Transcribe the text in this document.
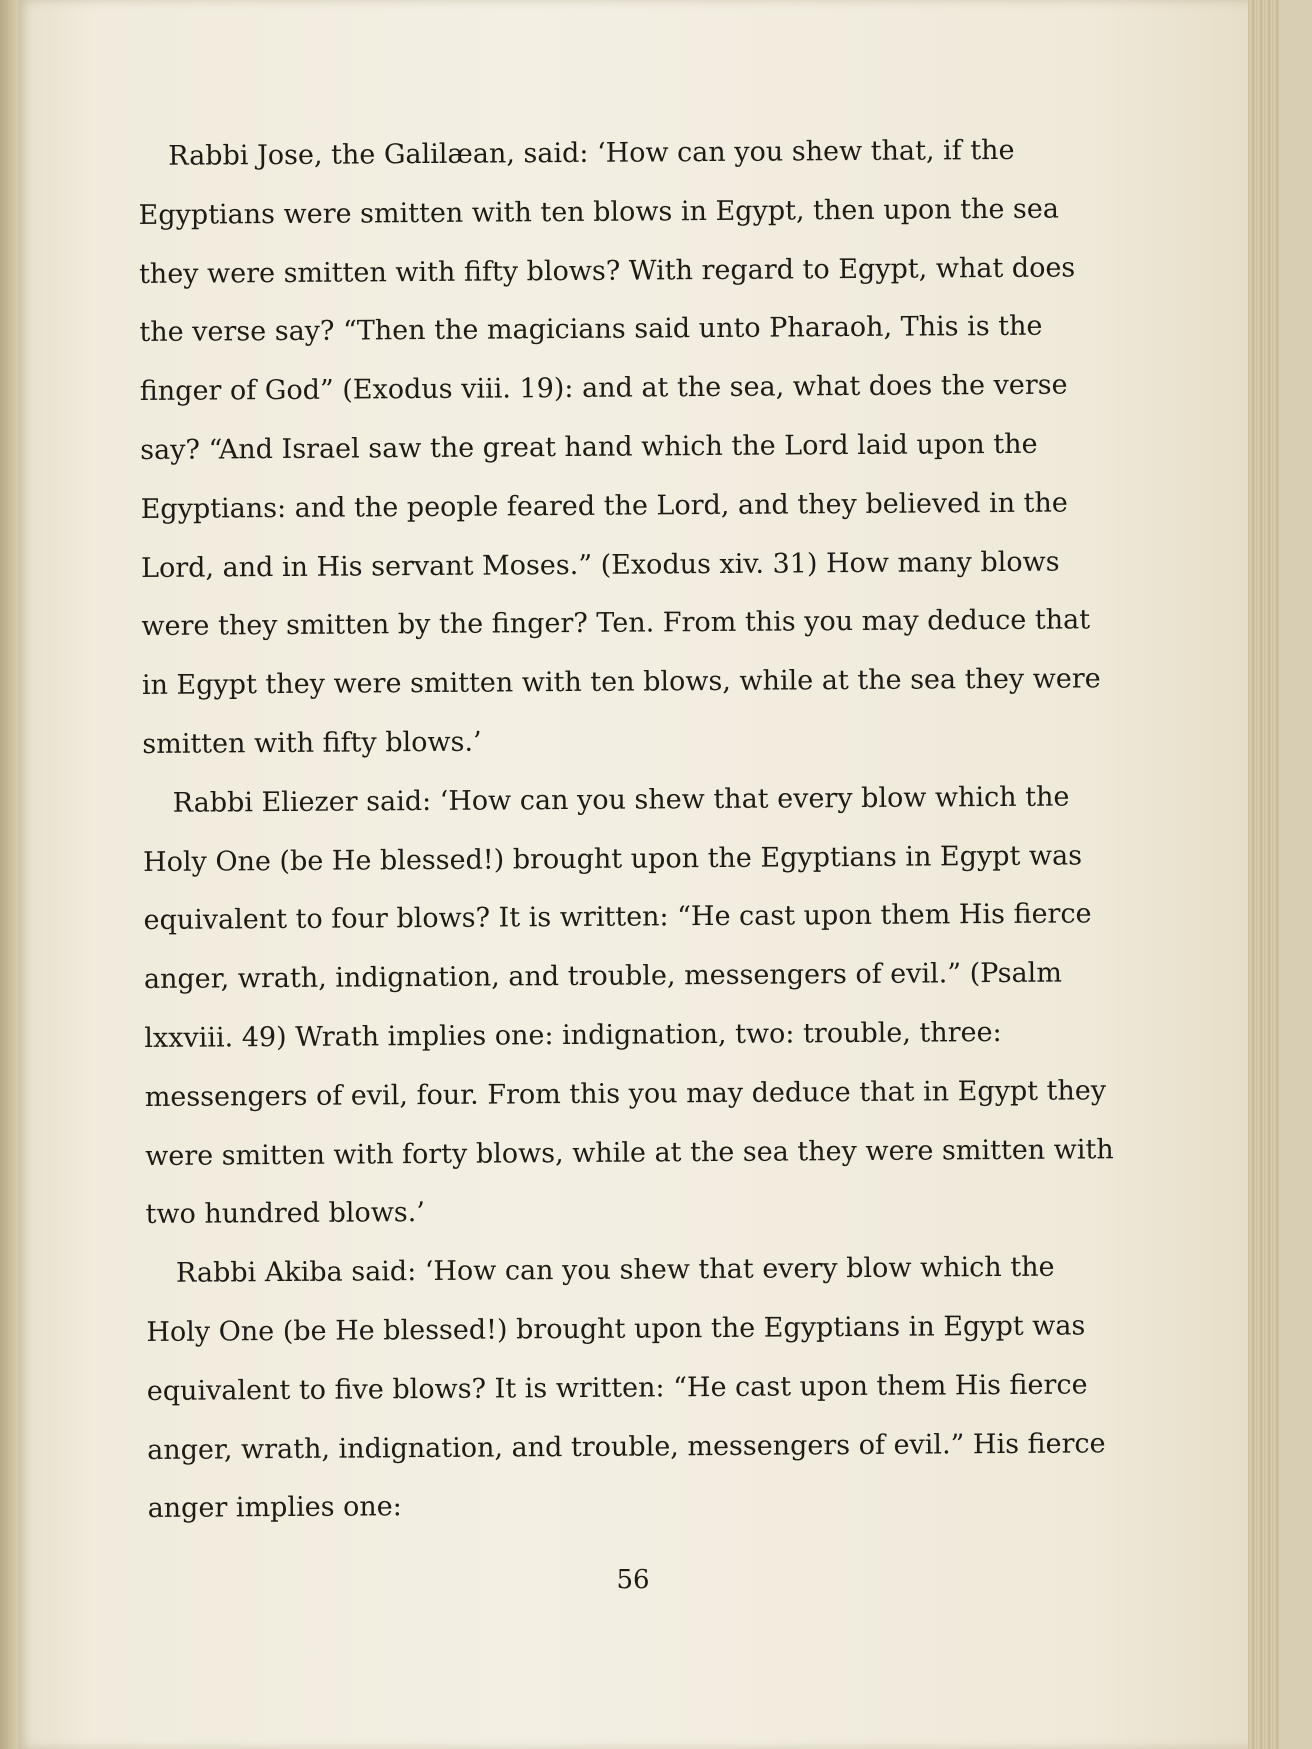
Rabbi Jose, the Galilæan, said: ‘How can you shew that, if the Egyptians were smitten with ten blows in Egypt, then upon the sea they were smitten with fifty blows? With regard to Egypt, what does the verse say? “Then the magicians said unto Pharaoh, This is the finger of God” (Exodus viii. 19): and at the sea, what does the verse say? “And Israel saw the great hand which the Lord laid upon the Egyptians: and the people feared the Lord, and they believed in the Lord, and in His servant Moses.” (Exodus xiv. 31) How many blows were they smitten by the finger? Ten. From this you may deduce that in Egypt they were smitten with ten blows, while at the sea they were smitten with fifty blows.’

Rabbi Eliezer said: ‘How can you shew that every blow which the Holy One (be He blessed!) brought upon the Egyptians in Egypt was equivalent to four blows? It is written: “He cast upon them His fierce anger, wrath, indignation, and trouble, messengers of evil.” (Psalm lxxviii. 49) Wrath implies one: indignation, two: trouble, three: messengers of evil, four. From this you may deduce that in Egypt they were smitten with forty blows, while at the sea they were smitten with two hundred blows.’

Rabbi Akiba said: ‘How can you shew that every blow which the Holy One (be He blessed!) brought upon the Egyptians in Egypt was equivalent to five blows? It is written: “He cast upon them His fierce anger, wrath, indignation, and trouble, messengers of evil.” His fierce anger implies one:

56
